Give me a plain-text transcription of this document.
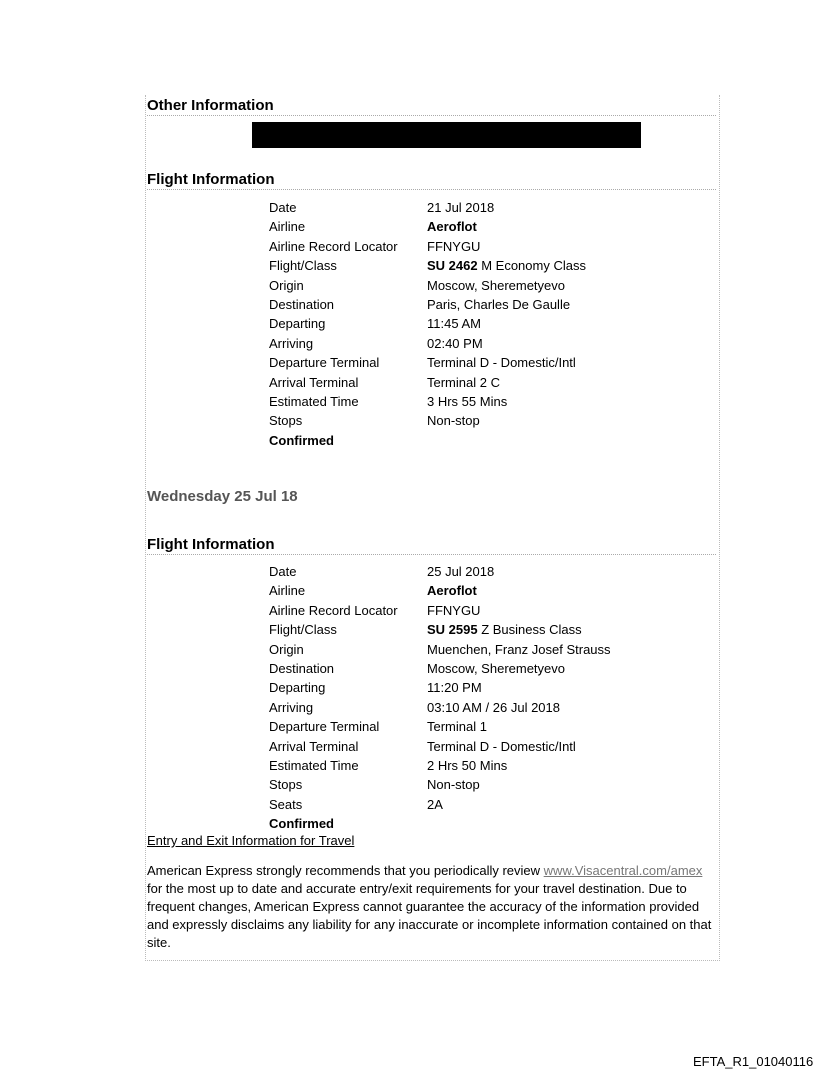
Other Information
Flight Information
Date	21 Jul 2018
Airline	Aeroflot
Airline Record Locator	FFNYGU
Flight/Class	SU 2462 M Economy Class
Origin	Moscow, Sheremetyevo
Destination	Paris, Charles De Gaulle
Departing	11:45 AM
Arriving	02:40 PM
Departure Terminal	Terminal D - Domestic/Intl
Arrival Terminal	Terminal 2 C
Estimated Time	3 Hrs 55 Mins
Stops	Non-stop
Confirmed
Wednesday 25 Jul 18
Flight Information
Date	25 Jul 2018
Airline	Aeroflot
Airline Record Locator	FFNYGU
Flight/Class	SU 2595 Z Business Class
Origin	Muenchen, Franz Josef Strauss
Destination	Moscow, Sheremetyevo
Departing	11:20 PM
Arriving	03:10 AM / 26 Jul 2018
Departure Terminal	Terminal 1
Arrival Terminal	Terminal D - Domestic/Intl
Estimated Time	2 Hrs 50 Mins
Stops	Non-stop
Seats	2A
Confirmed
Entry and Exit Information for Travel
American Express strongly recommends that you periodically review www.Visacentral.com/amex for the most up to date and accurate entry/exit requirements for your travel destination. Due to frequent changes, American Express cannot guarantee the accuracy of the information provided and expressly disclaims any liability for any inaccurate or incomplete information contained on that site.
EFTA_R1_01040116
